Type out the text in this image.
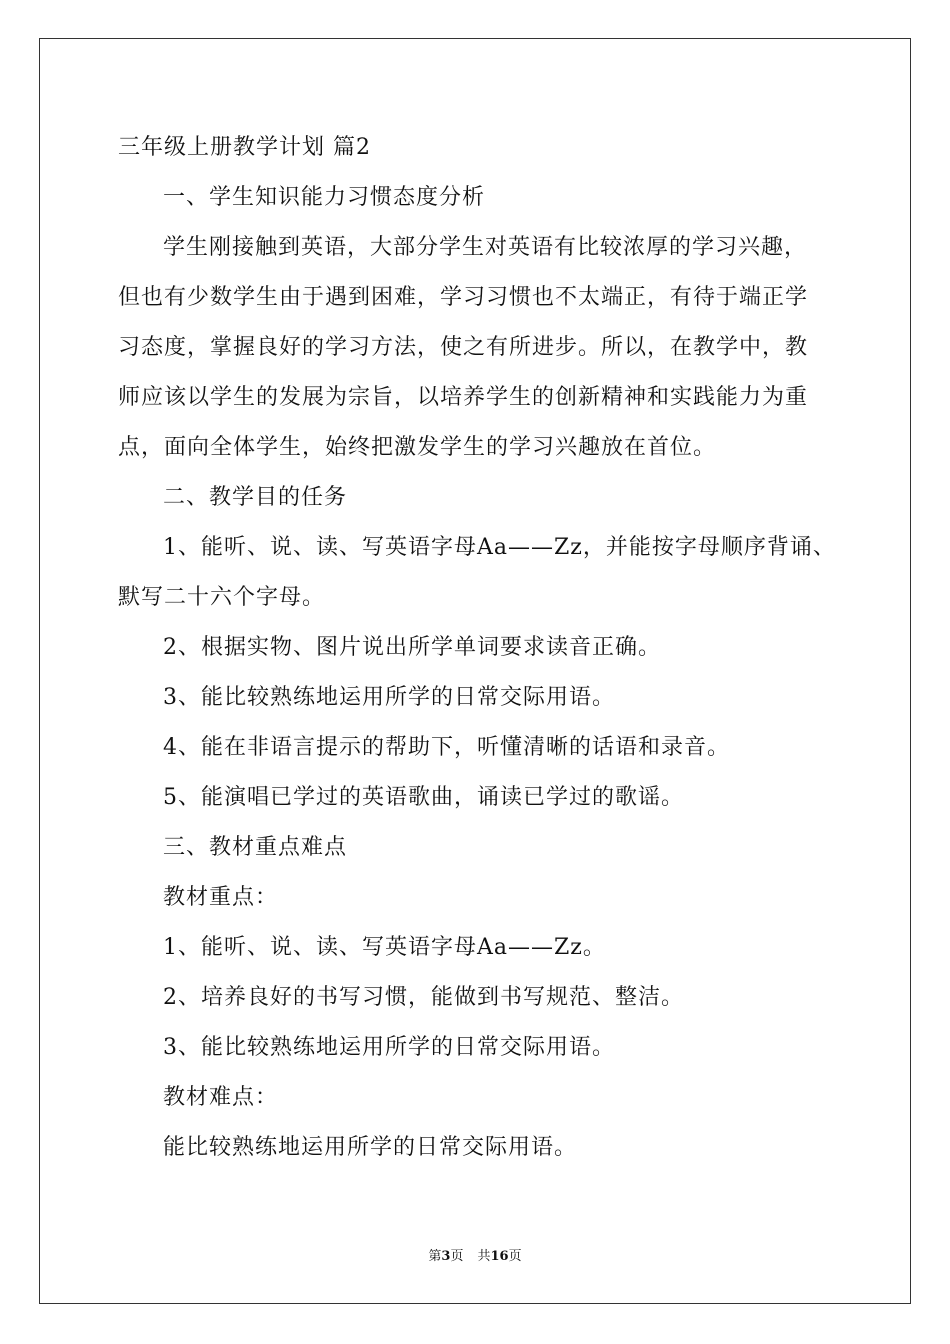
三年级上册教学计划 篇2
一、学生知识能力习惯态度分析
学生刚接触到英语，大部分学生对英语有比较浓厚的学习兴趣，
但也有少数学生由于遇到困难，学习习惯也不太端正，有待于端正学
习态度，掌握良好的学习方法，使之有所进步。所以，在教学中，教
师应该以学生的发展为宗旨，以培养学生的创新精神和实践能力为重
点，面向全体学生，始终把激发学生的学习兴趣放在首位。
二、教学目的任务
1、能听、说、读、写英语字母Aa——Zz，并能按字母顺序背诵、
默写二十六个字母。
2、根据实物、图片说出所学单词要求读音正确。
3、能比较熟练地运用所学的日常交际用语。
4、能在非语言提示的帮助下，听懂清晰的话语和录音。
5、能演唱已学过的英语歌曲，诵读已学过的歌谣。
三、教材重点难点
教材重点：
1、能听、说、读、写英语字母Aa——Zz。
2、培养良好的书写习惯，能做到书写规范、整洁。
3、能比较熟练地运用所学的日常交际用语。
教材难点：
能比较熟练地运用所学的日常交际用语。
第3页 共16页
